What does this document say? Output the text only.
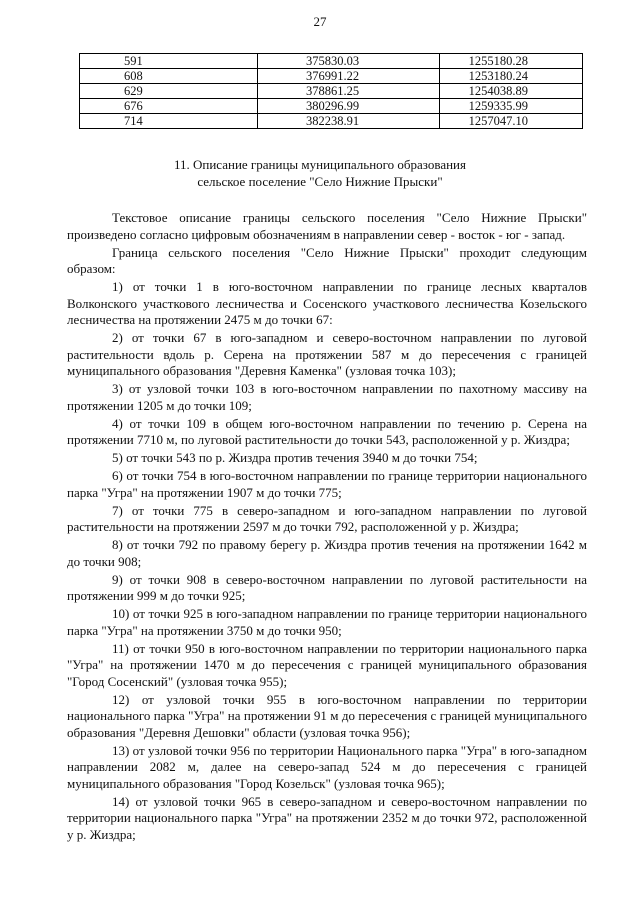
27
591	375830.03	1255180.28
608	376991.22	1253180.24
629	378861.25	1254038.89
676	380296.99	1259335.99
714	382238.91	1257047.10
11. Описание границы муниципального образования
сельское поселение "Село Нижние Прыски"

Текстовое описание границы сельского поселения "Село Нижние Прыски" произведено согласно цифровым обозначениям в направлении север - восток - юг - запад.

Граница сельского поселения "Село Нижние Прыски" проходит следующим образом:

1) от точки 1 в юго-восточном направлении по границе лесных кварталов Волконского участкового лесничества и Сосенского участкового лесничества Козельского лесничества на протяжении 2475 м до точки 67:

2) от точки 67 в юго-западном и северо-восточном направлении по луговой растительности вдоль р. Серена на протяжении 587 м до пересечения с границей муниципального образования "Деревня Каменка" (узловая точка 103);

3) от узловой точки 103 в юго-восточном направлении по пахотному массиву на протяжении 1205 м до точки 109;

4) от точки 109 в общем юго-восточном направлении по течению р. Серена на протяжении 7710 м, по луговой растительности до точки 543, расположенной у р. Жиздра;

5) от точки 543 по р. Жиздра против течения 3940 м до точки 754;

6) от точки 754 в юго-восточном направлении по границе территории национального парка "Угра" на протяжении 1907 м до точки 775;

7) от точки 775 в северо-западном и юго-западном направлении по луговой растительности на протяжении 2597 м до точки 792, расположенной у р. Жиздра;

8) от точки 792 по правому берегу р. Жиздра против течения на протяжении 1642 м до точки 908;

9) от точки 908 в северо-восточном направлении по луговой растительности на протяжении 999 м до точки 925;

10) от точки 925 в юго-западном направлении по границе территории национального парка "Угра" на протяжении 3750 м до точки 950;

11) от точки 950 в юго-восточном направлении по территории национального парка "Угра" на протяжении 1470 м до пересечения с границей муниципального образования "Город Сосенский" (узловая точка 955);

12) от узловой точки 955 в юго-восточном направлении по территории национального парка "Угра" на протяжении 91 м до пересечения с границей муниципального образования "Деревня Дешовки" области (узловая точка 956);

13) от узловой точки 956 по территории Национального парка "Угра" в юго-западном направлении 2082 м, далее на северо-запад 524 м до пересечения с границей муниципального образования "Город Козельск" (узловая точка 965);

14) от узловой точки 965 в северо-западном и северо-восточном направлении по территории национального парка "Угра" на протяжении 2352 м до точки 972, расположенной у р. Жиздра;
